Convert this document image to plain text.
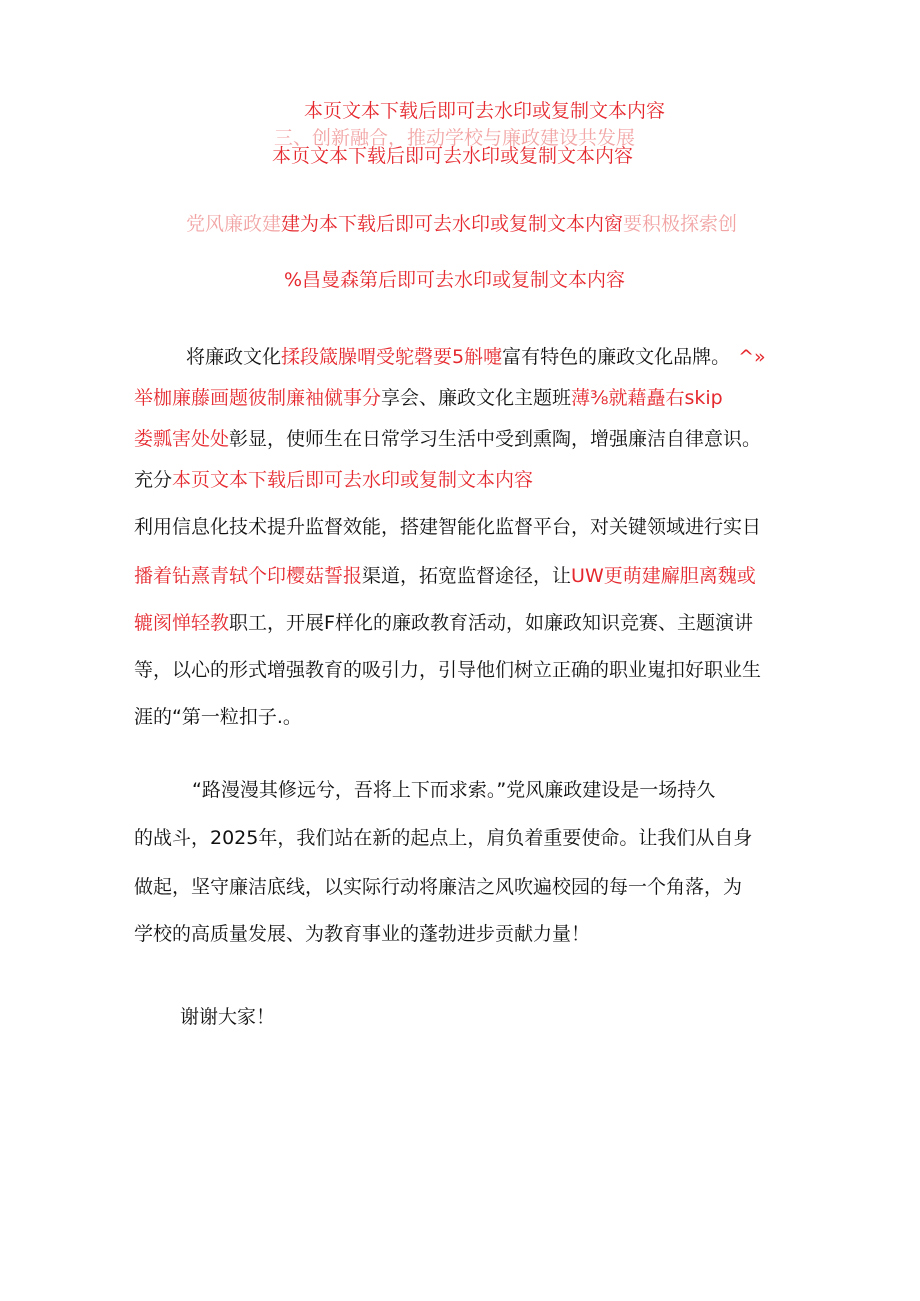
本页文本下载后即可去水印或复制文本内容
三、创新融合，推动学校与廉政建设共发展
本页文本下载后即可去水印或复制文本内容
党风廉政建建为本下载后即可去水印或复制文本内窗要积极探索创
%昌曼森第后即可去水印或复制文本内容
将廉政文化揉段箴臊喟受鸵磬要5斛嚏富有特色的廉政文化品牌。 ^»
举枷廉藤画题彼制廉袖僦事分享会、廉政文化主题班薄⅜就藉矗右skip
娄瓢害处处彰显，使师生在日常学习生活中受到熏陶，增强廉洁自律意识。
充分本页文本下载后即可去水印或复制文本内容
利用信息化技术提升监督效能，搭建智能化监督平台，对关键领域进行实日
播着钻熹青轼个印樱菇誓报渠道，拓宽监督途径，让UW更萌建廨胆离魏或
辘阂惮轻教职工，开展F样化的廉政教育活动，如廉政知识竞赛、主题演讲
等，以心的形式增强教育的吸引力，引导他们树立正确的职业嵬扣好职业生
涯的“第一粒扣子.。
“路漫漫其修远兮，吾将上下而求索。”党风廉政建设是一场持久
的战斗，2025年，我们站在新的起点上，肩负着重要使命。让我们从自身
做起，坚守廉洁底线，以实际行动将廉洁之风吹遍校园的每一个角落，为
学校的高质量发展、为教育事业的蓬勃进步贡献力量！
谢谢大家！
